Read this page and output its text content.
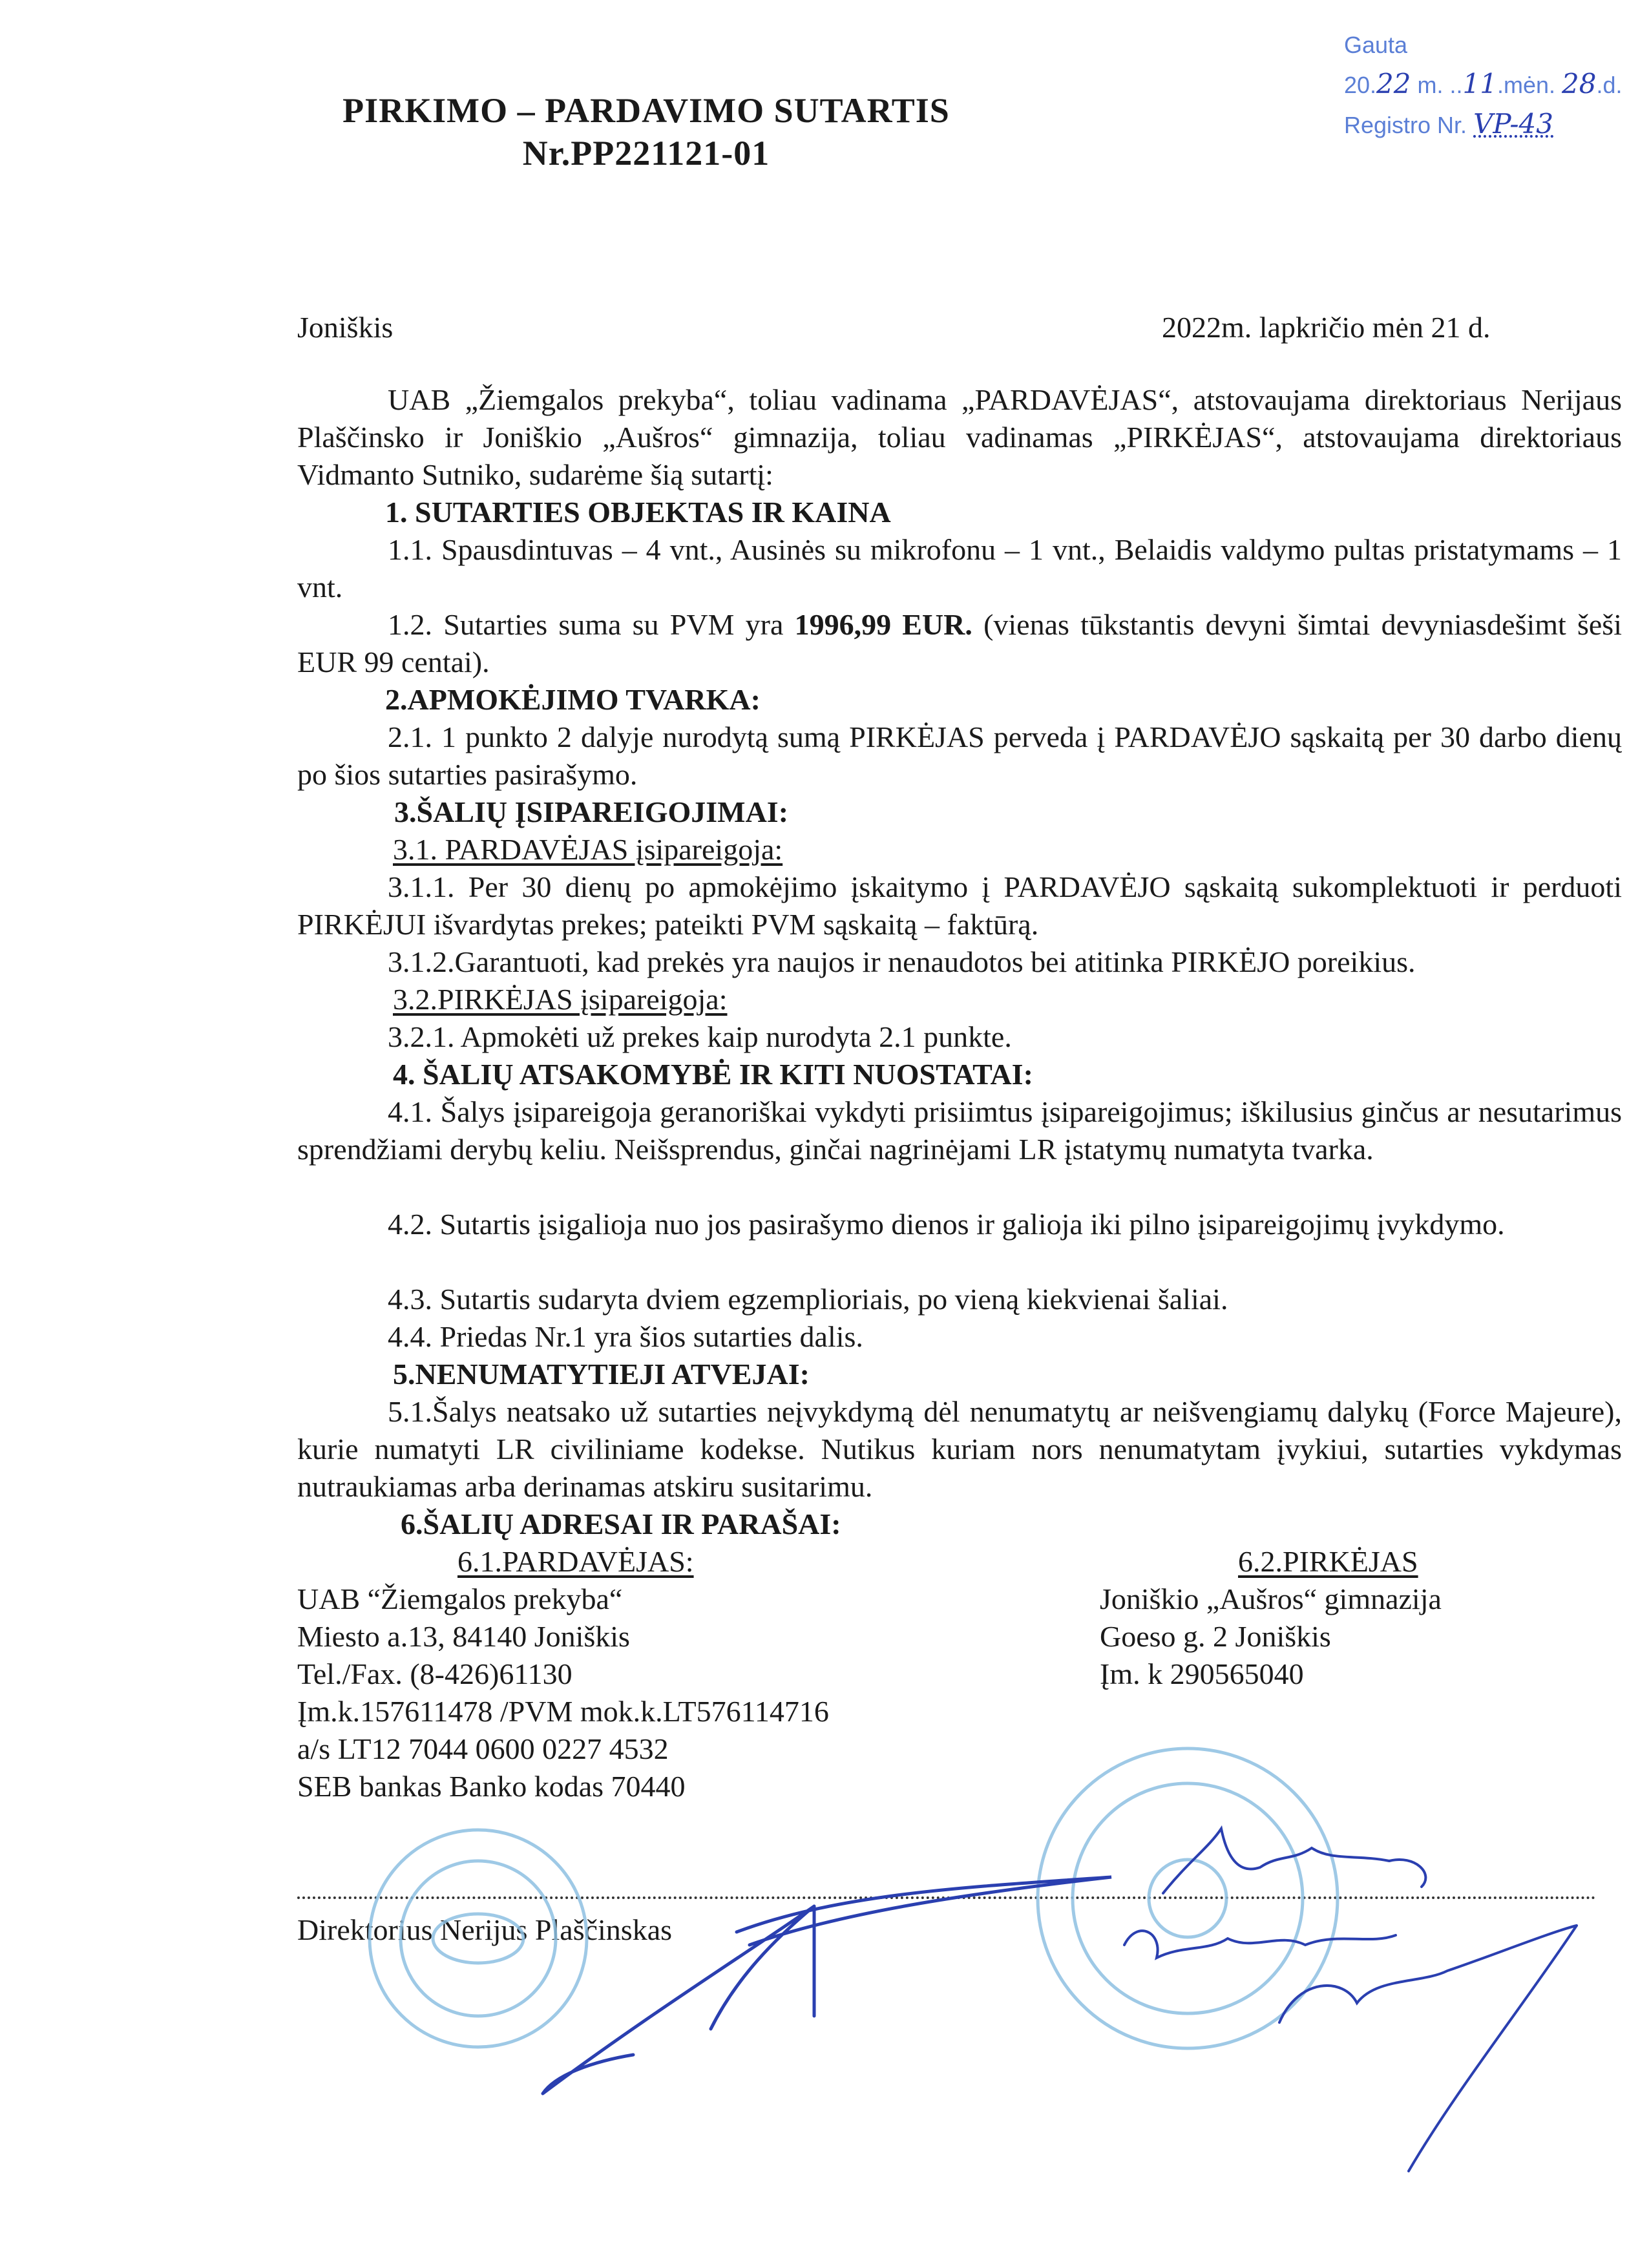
PIRKIMO – PARDAVIMO SUTARTIS
Nr.PP221121-01
Gauta
20.22 m. ..11.mėn. 28.d.
Registro Nr. VP-43
Joniškis	2022m. lapkričio mėn 21 d.
UAB „Žiemgalos prekyba“, toliau vadinama „PARDAVĖJAS“, atstovaujama direktoriaus Nerijaus Plaščinsko ir Joniškio „Aušros“ gimnazija, toliau vadinamas „PIRKĖJAS“, atstovaujama direktoriaus Vidmanto Sutniko, sudarėme šią sutartį:
1. SUTARTIES OBJEKTAS IR KAINA
1.1. Spausdintuvas – 4 vnt., Ausinės su mikrofonu – 1 vnt., Belaidis valdymo pultas pristatymams – 1 vnt.
1.2. Sutarties suma su PVM yra 1996,99 EUR. (vienas tūkstantis devyni šimtai devyniasdešimt šeši EUR 99 centai).
2.APMOKĖJIMO TVARKA:
2.1. 1 punkto 2 dalyje nurodytą sumą PIRKĖJAS perveda į PARDAVĖJO sąskaitą per 30 darbo dienų po šios sutarties pasirašymo.
3.ŠALIŲ ĮSIPAREIGOJIMAI:
3.1. PARDAVĖJAS įsipareigoja:
3.1.1. Per 30 dienų po apmokėjimo įskaitymo į PARDAVĖJO sąskaitą sukomplektuoti ir perduoti PIRKĖJUI išvardytas prekes; pateikti PVM sąskaitą – faktūrą.
3.1.2.Garantuoti, kad prekės yra naujos ir nenaudotos bei atitinka PIRKĖJO poreikius.
3.2.PIRKĖJAS įsipareigoja:
3.2.1. Apmokėti už prekes kaip nurodyta 2.1 punkte.
4. ŠALIŲ ATSAKOMYBĖ IR KITI NUOSTATAI:
4.1. Šalys įsipareigoja geranoriškai vykdyti prisiimtus įsipareigojimus; iškilusius ginčus ar nesutarimus sprendžiami derybų keliu. Neišsprendus, ginčai nagrinėjami LR įstatymų numatyta tvarka.
4.2. Sutartis įsigalioja nuo jos pasirašymo dienos ir galioja iki pilno įsipareigojimų įvykdymo.
4.3. Sutartis sudaryta dviem egzemplioriais, po vieną kiekvienai šaliai.
4.4. Priedas Nr.1 yra šios sutarties dalis.
5.NENUMATYTIEJI ATVEJAI:
5.1.Šalys neatsako už sutarties neįvykdymą dėl nenumatytų ar neišvengiamų dalykų (Force Majeure), kurie numatyti LR civiliniame kodekse. Nutikus kuriam nors nenumatytam įvykiui, sutarties vykdymas nutraukiamas arba derinamas atskiru susitarimu.
6.ŠALIŲ ADRESAI IR PARAŠAI:
6.1.PARDAVĖJAS:
UAB “Žiemgalos prekyba“
Miesto a.13, 84140 Joniškis
Tel./Fax. (8-426)61130
Įm.k.157611478 /PVM mok.k.LT576114716
a/s LT12 7044 0600 0227 4532
SEB bankas Banko kodas 70440
6.2.PIRKĖJAS
Joniškio „Aušros“ gimnazija
Goeso g. 2 Joniškis
Įm. k 290565040
Direktorius Nerijus Plaščinskas
